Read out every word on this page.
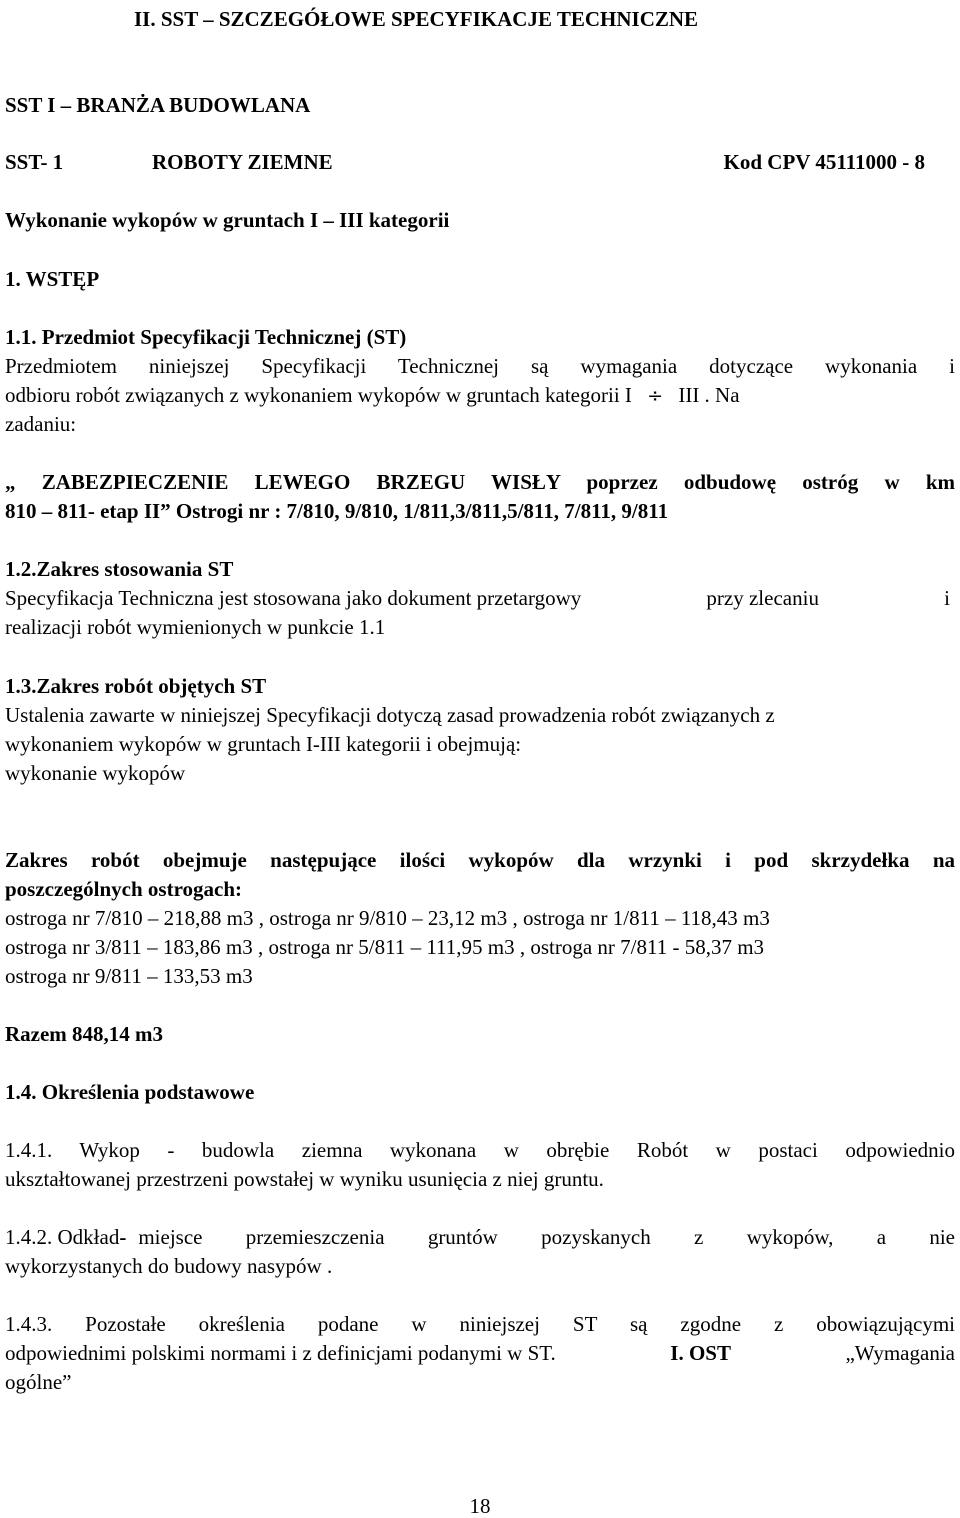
II. SST – SZCZEGÓŁOWE SPECYFIKACJE TECHNICZNE

SST I – BRANŻA BUDOWLANA

SST- 1	ROBOTY ZIEMNE	Kod CPV 45111000 - 8

Wykonanie wykopów w gruntach I – III kategorii

1. WSTĘP

1.1. Przedmiot Specyfikacji Technicznej (ST)

Przedmiotem niniejszej Specyfikacji Technicznej są wymagania dotyczące wykonania i

odbioru robót związanych z wykonaniem wykopów w gruntach kategorii I ÷ III . Na

zadaniu:

„ ZABEZPIECZENIE LEWEGO BRZEGU WISŁY poprzez odbudowę ostróg w km

810 – 811- etap II” Ostrogi nr : 7/810, 9/810, 1/811,3/811,5/811, 7/811, 9/811

1.2.Zakres stosowania ST

Specyfikacja Techniczna jest stosowana jako dokument przetargowy	przy zlecaniu	i

realizacji robót wymienionych w punkcie 1.1

1.3.Zakres robót objętych ST

Ustalenia zawarte w niniejszej Specyfikacji dotyczą zasad prowadzenia robót związanych z

wykonaniem wykopów w gruntach I-III kategorii i obejmują:

wykonanie wykopów

Zakres robót obejmuje następujące ilości wykopów dla wrzynki i pod skrzydełka na

poszczególnych ostrogach:

ostroga nr 7/810 – 218,88 m3 , ostroga nr 9/810 – 23,12 m3 , ostroga nr 1/811 – 118,43 m3

ostroga nr 3/811 – 183,86 m3 , ostroga nr 5/811 – 111,95 m3 , ostroga nr 7/811 - 58,37 m3

ostroga nr 9/811 – 133,53 m3

Razem 848,14 m3

1.4. Określenia podstawowe

1.4.1. Wykop - budowla ziemna wykonana w obrębie Robót w postaci odpowiednio

ukształtowanej przestrzeni powstałej w wyniku usunięcia z niej gruntu.

1.4.2. Odkład - miejsce przemieszczenia gruntów pozyskanych z wykopów, a nie

wykorzystanych do budowy nasypów .

1.4.3. Pozostałe określenia podane w niniejszej ST są zgodne z obowiązującymi

odpowiednimi polskimi normami i z definicjami podanymi w ST.	I. OST	„Wymagania

ogólne”

18
